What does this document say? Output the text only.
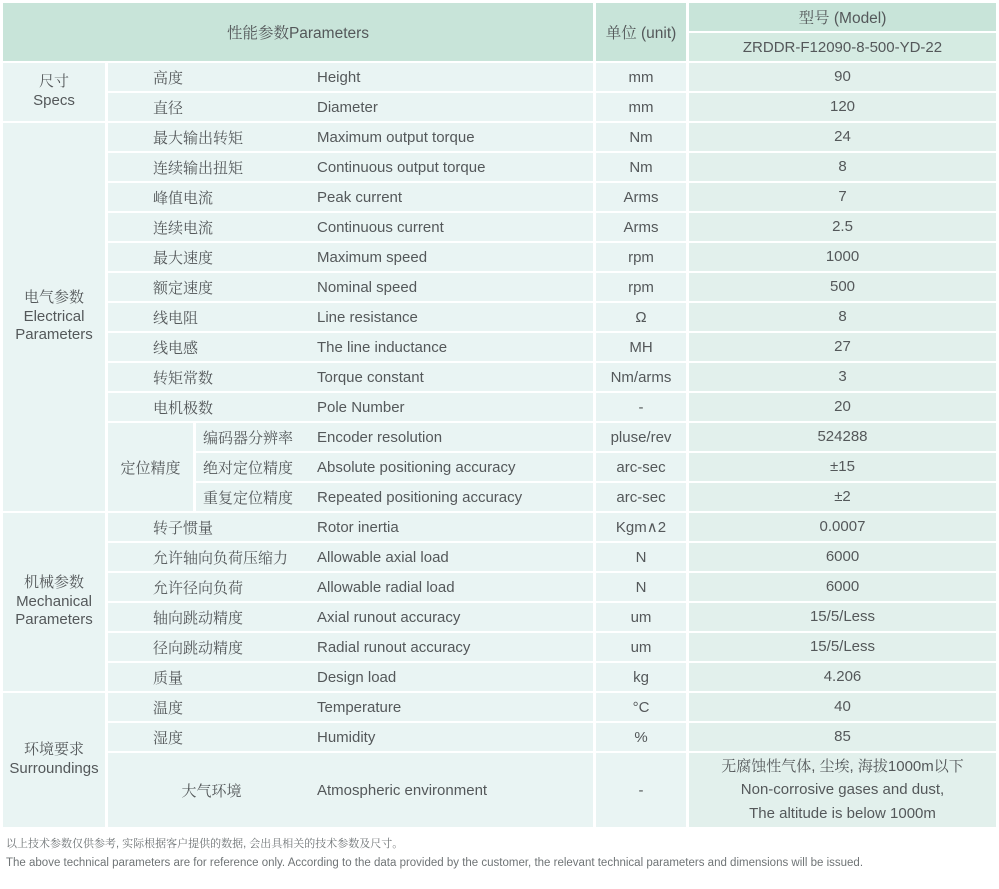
性能参数Parameters				单位 (unit)	型号 (Model)
					ZRDDR-F12090-8-500-YD-22

尺寸
Specs	高度		Height	mm	90
	直径		Diameter	mm	120

电气参数
Electrical Parameters	最大输出转矩		Maximum output torque	Nm	24
	连续输出扭矩		Continuous output torque	Nm	8
	峰值电流		Peak current	Arms	7
	连续电流		Continuous current	Arms	2.5
	最大速度		Maximum speed	rpm	1000
	额定速度		Nominal speed	rpm	500
	线电阻		Line resistance	Ω	8
	线电感		The line inductance	MH	27
	转矩常数		Torque constant	Nm/arms	3
	电机极数		Pole Number	-	20
	定位精度	编码器分辨率	Encoder resolution	pluse/rev	524288
		绝对定位精度	Absolute positioning accuracy	arc-sec	±15
		重复定位精度	Repeated positioning accuracy	arc-sec	±2

机械参数
Mechanical Parameters	转子惯量		Rotor inertia	Kgm∧2	0.0007
	允许轴向负荷压缩力		Allowable axial load	N	6000
	允许径向负荷		Allowable radial load	N	6000
	轴向跳动精度		Axial runout accuracy	um	15/5/Less
	径向跳动精度		Radial runout accuracy	um	15/5/Less
	质量		Design load	kg	4.206

环境要求
Surroundings	温度		Temperature	°C	40
	湿度		Humidity	%	85
	大气环境		Atmospheric environment	-	无腐蚀性气体, 尘埃, 海拔1000m以下
Non-corrosive gases and dust,
The altitude is below 1000m
以上技术参数仅供参考, 实际根据客户提供的数据, 会出具相关的技术参数及尺寸。
The above technical parameters are for reference only. According to the data provided by the customer, the relevant technical parameters and dimensions will be issued.
